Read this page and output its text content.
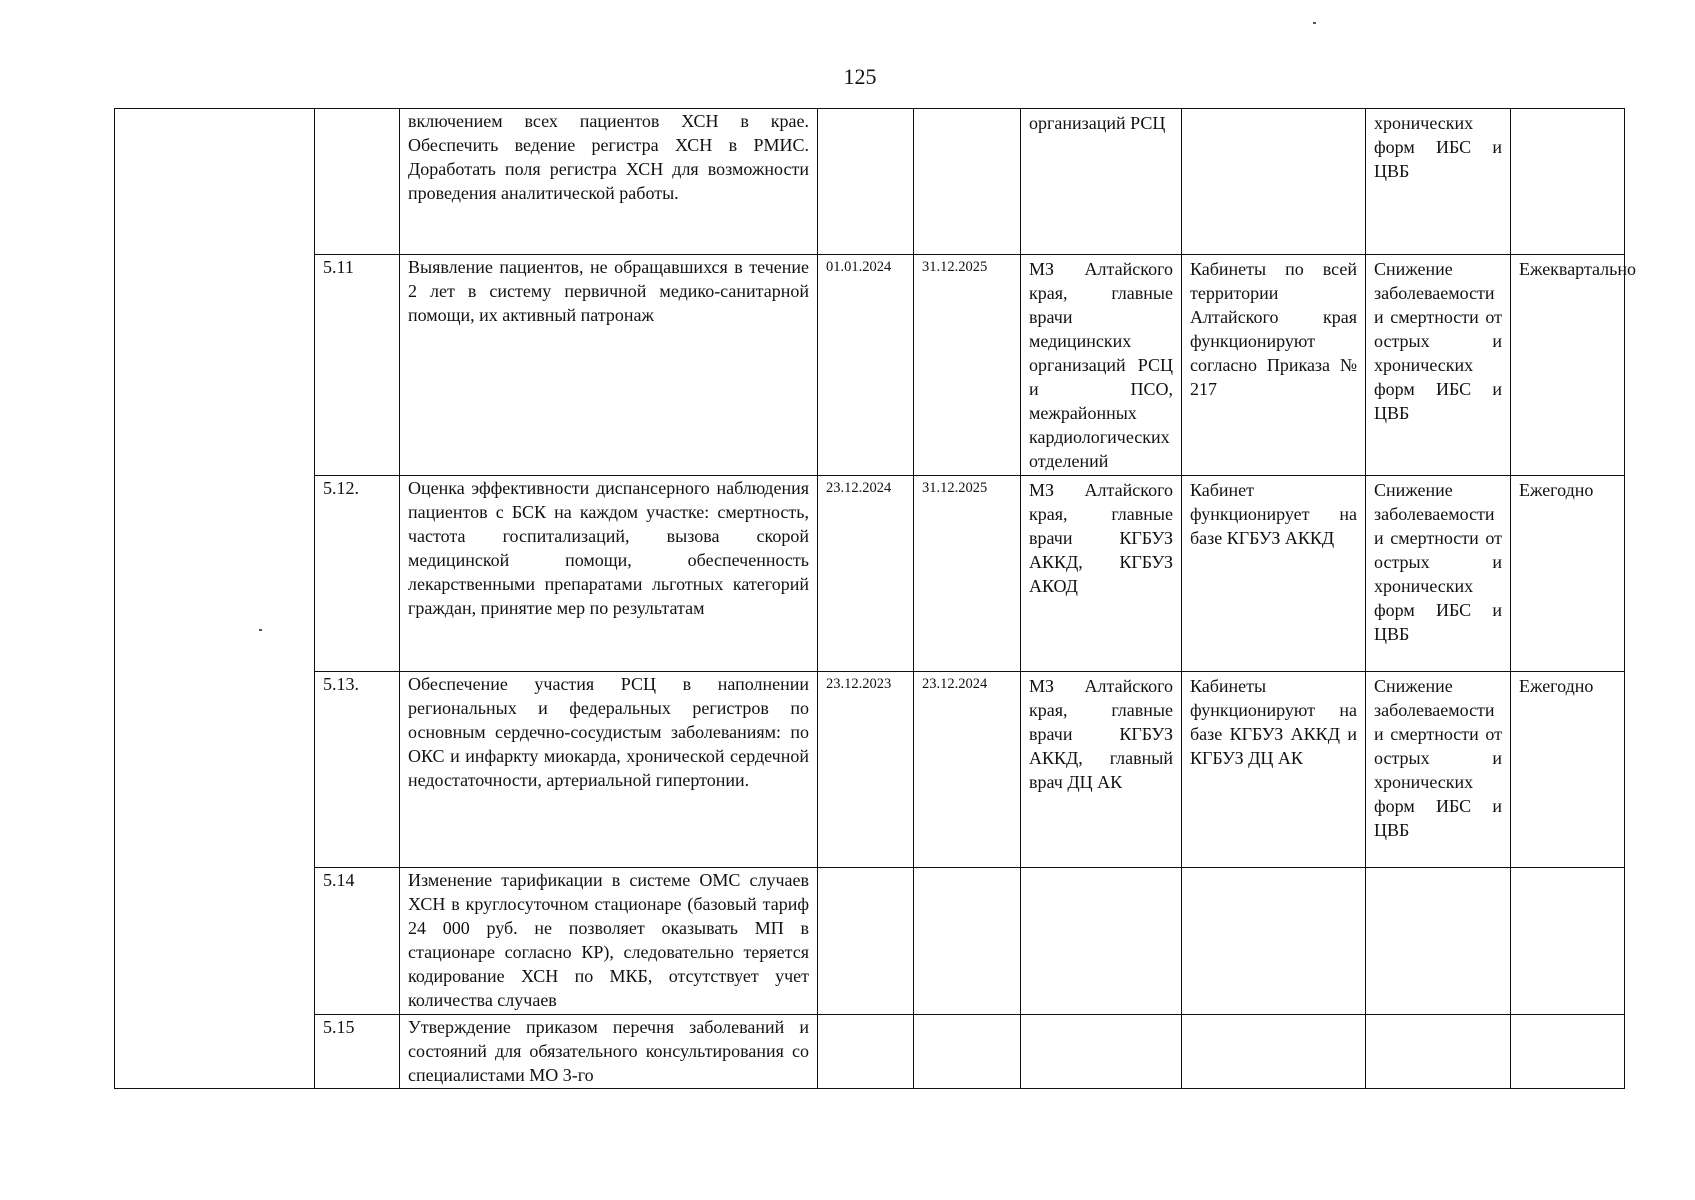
125

		включением всех пациентов ХСН в крае. Обеспечить ведение регистра ХСН в РМИС. Доработать поля регистра ХСН для возможности проведения аналитической работы.			организаций РСЦ		хронических форм ИБС и ЦВБ	

	5.11	Выявление пациентов, не обращавшихся в течение 2 лет в систему первичной медико-санитарной помощи, их активный патронаж	01.01.2024	31.12.2025	МЗ Алтайского края, главные врачи медицинских организаций РСЦ и ПСО, межрайонных кардиологических отделений	Кабинеты по всей территории Алтайского края функционируют согласно Приказа № 217	Снижение заболеваемости и смертности от острых и хронических форм ИБС и ЦВБ	Ежеквартально

	5.12.	Оценка эффективности диспансерного наблюдения пациентов с БСК на каждом участке: смертность, частота госпитализаций, вызова скорой медицинской помощи, обеспеченность лекарственными препаратами льготных категорий граждан, принятие мер по результатам	23.12.2024	31.12.2025	МЗ Алтайского края, главные врачи КГБУЗ АККД, КГБУЗ АКОД	Кабинет функционирует на базе КГБУЗ АККД	Снижение заболеваемости и смертности от острых и хронических форм ИБС и ЦВБ	Ежегодно

	5.13.	Обеспечение участия РСЦ в наполнении региональных и федеральных регистров по основным сердечно-сосудистым заболеваниям: по ОКС и инфаркту миокарда, хронической сердечной недостаточности, артериальной гипертонии.	23.12.2023	23.12.2024	МЗ Алтайского края, главные врачи КГБУЗ АККД, главный врач ДЦ АК	Кабинеты функционируют на базе КГБУЗ АККД и КГБУЗ ДЦ АК	Снижение заболеваемости и смертности от острых и хронических форм ИБС и ЦВБ	Ежегодно

	5.14	Изменение тарификации в системе ОМС случаев ХСН в круглосуточном стационаре (базовый тариф 24 000 руб. не позволяет оказывать МП в стационаре согласно КР), следовательно теряется кодирование ХСН по МКБ, отсутствует учет количества случаев						

	5.15	Утверждение приказом перечня заболеваний и состояний для обязательного консультирования со специалистами МО 3-го						
